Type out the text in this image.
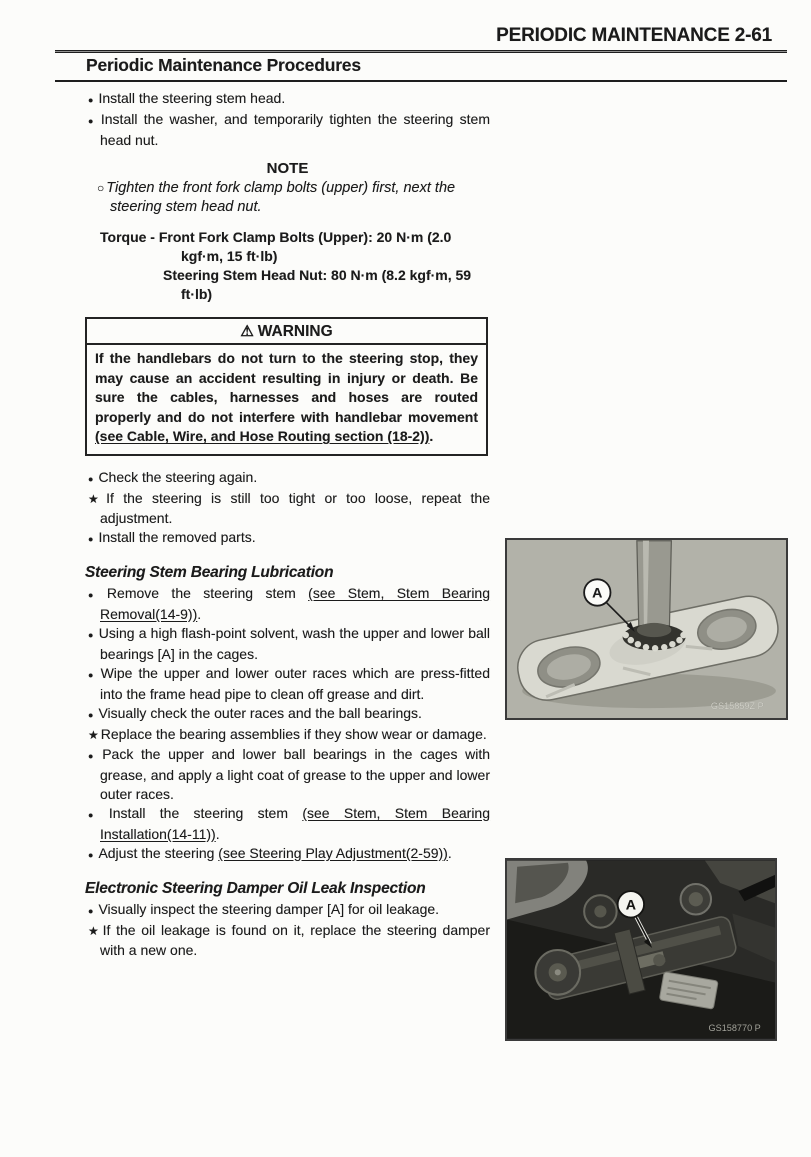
PERIODIC MAINTENANCE 2-61
Periodic Maintenance Procedures
● Install the steering stem head.
● Install the washer, and temporarily tighten the steering stem head nut.
NOTE
○ Tighten the front fork clamp bolts (upper) first, next the steering stem head nut.
Torque - Front Fork Clamp Bolts (Upper): 20 N·m (2.0 kgf·m, 15 ft·lb)
Steering Stem Head Nut: 80 N·m (8.2 kgf·m, 59 ft·lb)
⚠ WARNING
If the handlebars do not turn to the steering stop, they may cause an accident resulting in injury or death. Be sure the cables, harnesses and hoses are routed properly and do not interfere with handlebar movement (see Cable, Wire, and Hose Routing section (18-2)).
● Check the steering again.
★ If the steering is still too tight or too loose, repeat the adjustment.
● Install the removed parts.
Steering Stem Bearing Lubrication
● Remove the steering stem (see Stem, Stem Bearing Removal(14-9)).
● Using a high flash-point solvent, wash the upper and lower ball bearings [A] in the cages.
● Wipe the upper and lower outer races which are press-fitted into the frame head pipe to clean off grease and dirt.
● Visually check the outer races and the ball bearings.
★ Replace the bearing assemblies if they show wear or damage.
● Pack the upper and lower ball bearings in the cages with grease, and apply a light coat of grease to the upper and lower outer races.
● Install the steering stem (see Stem, Stem Bearing Installation(14-11)).
● Adjust the steering (see Steering Play Adjustment(2-59)).
Electronic Steering Damper Oil Leak Inspection
● Visually inspect the steering damper [A] for oil leakage.
★ If the oil leakage is found on it, replace the steering damper with a new one.
A
GS15859Z P
A
GS158770 P
